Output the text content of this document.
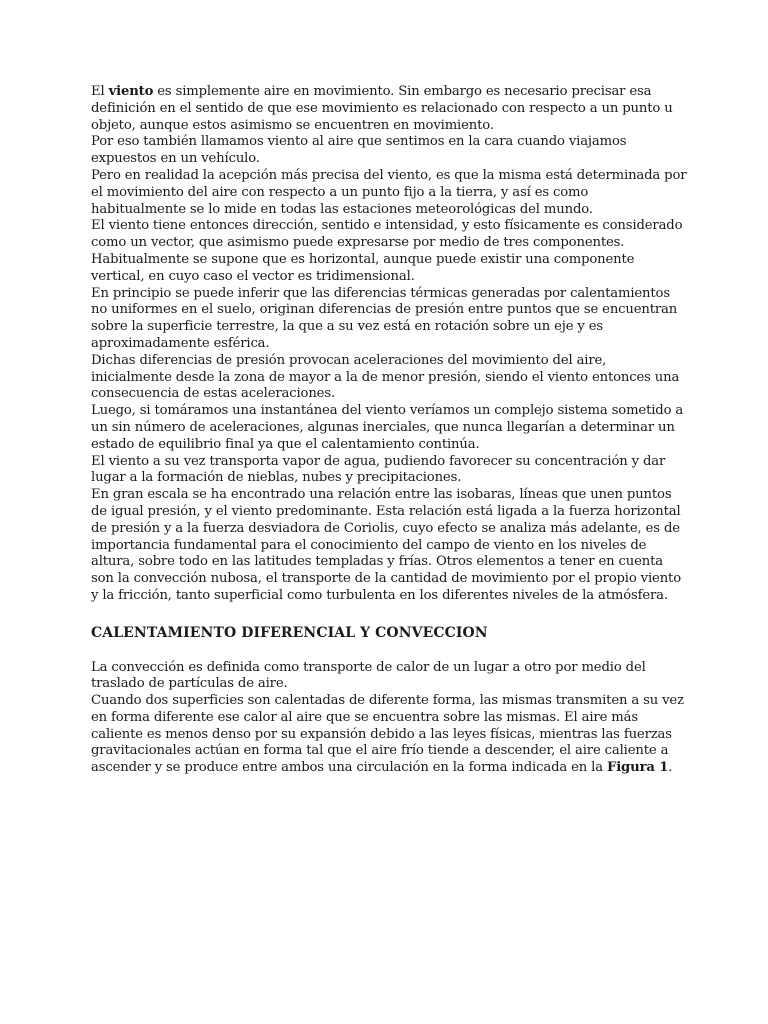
El viento es simplemente aire en movimiento. Sin embargo es necesario precisar esa definición en el sentido de que ese movimiento es relacionado con respecto a un punto u objeto, aunque estos asimismo se encuentren en movimiento.

Por eso también llamamos viento al aire que sentimos en la cara cuando viajamos expuestos en un vehículo.

Pero en realidad la acepción más precisa del viento, es que la misma está determinada por el movimiento del aire con respecto a un punto fijo a la tierra, y así es como habitualmente se lo mide en todas las estaciones meteorológicas del mundo.

El viento tiene entonces dirección, sentido e intensidad, y esto físicamente es considerado como un vector, que asimismo puede expresarse por medio de tres componentes. Habitualmente se supone que es horizontal, aunque puede existir una componente vertical, en cuyo caso el vector es tridimensional.

En principio se puede inferir que las diferencias térmicas generadas por calentamientos no uniformes en el suelo, originan diferencias de presión entre puntos que se encuentran sobre la superficie terrestre, la que a su vez está en rotación sobre un eje y es aproximadamente esférica.

Dichas diferencias de presión provocan aceleraciones del movimiento del aire, inicialmente desde la zona de mayor a la de menor presión, siendo el viento entonces una consecuencia de estas aceleraciones.

Luego, si tomáramos una instantánea del viento veríamos un complejo sistema sometido a un sin número de aceleraciones, algunas inerciales, que nunca llegarían a determinar un estado de equilibrio final ya que el calentamiento continúa.

El viento a su vez transporta vapor de agua, pudiendo favorecer su concentración y dar lugar a la formación de nieblas, nubes y precipitaciones.

En gran escala se ha encontrado una relación entre las isobaras, líneas que unen puntos de igual presión, y el viento predominante. Esta relación está ligada a la fuerza horizontal de presión y a la fuerza desviadora de Coriolis, cuyo efecto se analiza más adelante, es de importancia fundamental para el conocimiento del campo de viento en los niveles de altura, sobre todo en las latitudes templadas y frías. Otros elementos a tener en cuenta son la convección nubosa, el transporte de la cantidad de movimiento por el propio viento y la fricción, tanto superficial como turbulenta en los diferentes niveles de la atmósfera.

CALENTAMIENTO DIFERENCIAL Y CONVECCION

La convección es definida como transporte de calor de un lugar a otro por medio del traslado de partículas de aire.

Cuando dos superficies son calentadas de diferente forma, las mismas transmiten a su vez en forma diferente ese calor al aire que se encuentra sobre las mismas. El aire más caliente es menos denso por su expansión debido a las leyes físicas, mientras las fuerzas gravitacionales actúan en forma tal que el aire frío tiende a descender, el aire caliente a ascender y se produce entre ambos una circulación en la forma indicada en la Figura 1.
